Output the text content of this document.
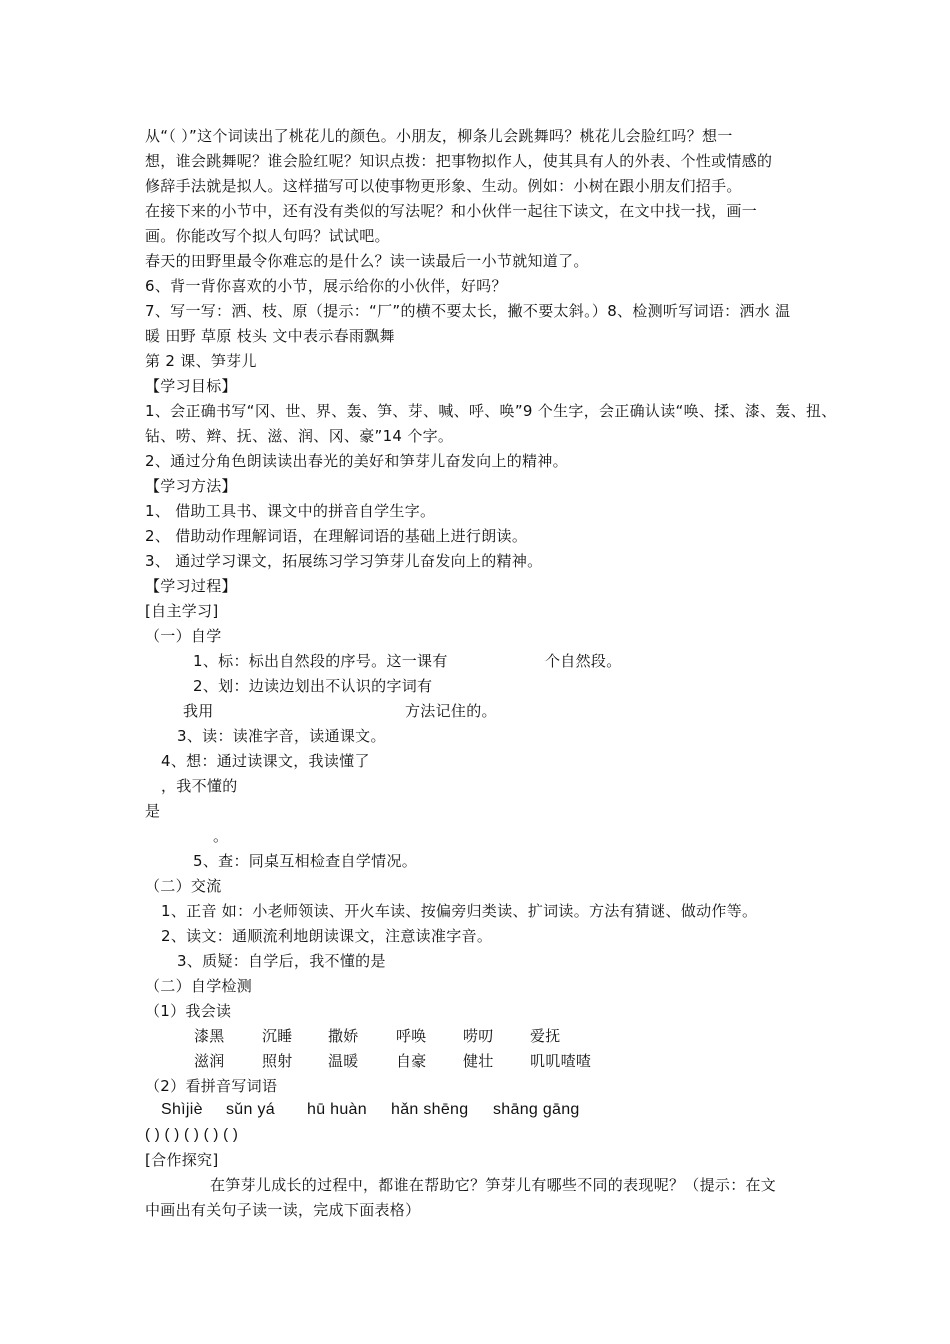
从“（ ）”这个词读出了桃花儿的颜色。小朋友，柳条儿会跳舞吗？桃花儿会脸红吗？想一
想，谁会跳舞呢？谁会脸红呢？知识点拨：把事物拟作人，使其具有人的外表、个性或情感的
修辞手法就是拟人。这样描写可以使事物更形象、生动。例如：小树在跟小朋友们招手。
在接下来的小节中，还有没有类似的写法呢？和小伙伴一起往下读文，在文中找一找，画一
画。你能改写个拟人句吗？试试吧。
春天的田野里最令你难忘的是什么？读一读最后一小节就知道了。
6、背一背你喜欢的小节，展示给你的小伙伴，好吗？
7、写一写：洒、枝、原（提示：“厂”的横不要太长，撇不要太斜。）8、检测听写词语：洒水 温
暖 田野 草原 枝头 文中表示春雨飘舞
第 2 课、笋芽儿
【学习目标】
1、会正确书写“冈、世、界、轰、笋、芽、喊、呼、唤”9 个生字，会正确认读“唤、揉、漆、轰、扭、
钻、唠、辫、抚、滋、润、冈、豪”14 个字。
2、通过分角色朗读读出春光的美好和笋芽儿奋发向上的精神。
【学习方法】
1、 借助工具书、课文中的拼音自学生字。
2、 借助动作理解词语，在理解词语的基础上进行朗读。
3、 通过学习课文，拓展练习学习笋芽儿奋发向上的精神。
【学习过程】
[自主学习]
（一）自学
1、标：标出自然段的序号。这一课有	个自然段。
2、划：边读边划出不认识的字词有
我用	方法记住的。
3、读：读准字音，读通课文。
4、想：通过读课文，我读懂了
，我不懂的
是
。
5、查：同桌互相检查自学情况。
（二）交流
1、正音 如：小老师领读、开火车读、按偏旁归类读、扩词读。方法有猜谜、做动作等。
2、读文：通顺流利地朗读课文，注意读准字音。
3、质疑：自学后，我不懂的是
（二）自学检测
（1）我会读
漆黑 沉睡 撒娇 呼唤 唠叨 爱抚
滋润 照射 温暖 自豪 健壮 叽叽喳喳
（2）看拼音写词语
Shìjiè sǔn yá hū huàn hǎn shēng shāng gāng
( ) ( ) ( ) ( ) ( )
[合作探究]
在笋芽儿成长的过程中，都谁在帮助它？笋芽儿有哪些不同的表现呢？（提示：在文
中画出有关句子读一读，完成下面表格）
